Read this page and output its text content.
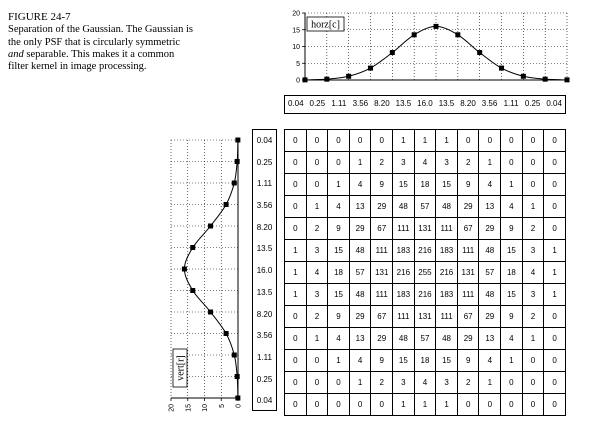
FIGURE 24-7
Separation of the Gaussian. The Gaussian is
the only PSF that is circularly symmetric
and separable. This makes it a common
filter kernel in image processing.
20
15
10
5
0
horz[c]
20 15 10 5 0
vert[r]
0.04 0.25 1.11 3.56 8.20 13.5 16.0 13.5 8.20 3.56 1.11 0.25 0.04
0.04
0.25
1.11
3.56
8.20
13.5
16.0
13.5
8.20
3.56
1.11
0.25
0.04
0	0	0	0	0	1	1	1	0	0	0	0	0
0	0	0	1	2	3	4	3	2	1	0	0	0
0	0	1	4	9	15	18	15	9	4	1	0	0
0	1	4	13	29	48	57	48	29	13	4	1	0
0	2	9	29	67	111	131	111	67	29	9	2	0
1	3	15	48	111	183	216	183	111	48	15	3	1
1	4	18	57	131	216	255	216	131	57	18	4	1
1	3	15	48	111	183	216	183	111	48	15	3	1
0	2	9	29	67	111	131	111	67	29	9	2	0
0	1	4	13	29	48	57	48	29	13	4	1	0
0	0	1	4	9	15	18	15	9	4	1	0	0
0	0	0	1	2	3	4	3	2	1	0	0	0
0	0	0	0	0	1	1	1	0	0	0	0	0
